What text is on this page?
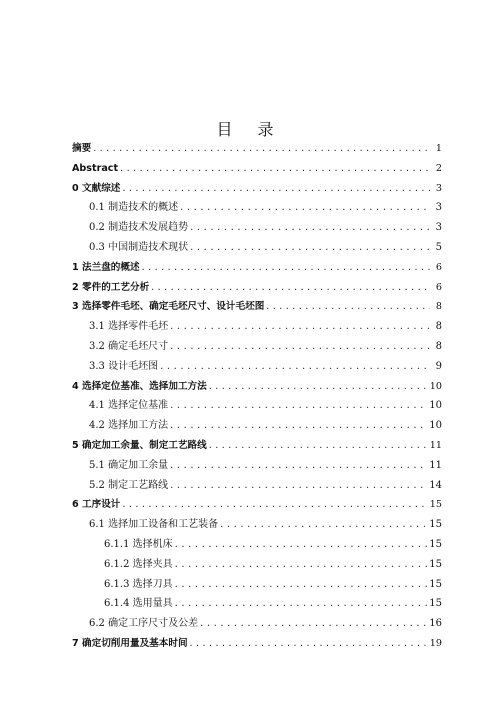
目 录
摘要 . . .	1
Abstract . . .	2
0 文献综述 . . .	3
0.1 制造技术的概述 . . .	3
0.2 制造技术发展趋势 . . .	3
0.3 中国制造技术现状 . . .	5
1 法兰盘的概述 . . .	6
2 零件的工艺分析 . . .	6
3 选择零件毛坯、确定毛坯尺寸、设计毛坯图 . . .	8
3.1 选择零件毛坯 . . .	8
3.2 确定毛坯尺寸 . . .	8
3.3 设计毛坯图 . . .	9
4 选择定位基准、选择加工方法 . . .	10
4.1 选择定位基准 . . .	10
4.2 选择加工方法 . . .	10
5 确定加工余量、制定工艺路线 . . .	11
5.1 确定加工余量 . . .	11
5.2 制定工艺路线 . . .	14
6 工序设计 . . .	15
6.1 选择加工设备和工艺装备 . . .	15
6.1.1 选择机床 . . .	15
6.1.2 选择夹具 . . .	15
6.1.3 选择刀具 . . .	15
6.1.4 选用量具 . . .	15
6.2 确定工序尺寸及公差 . . .	16
7 确定切削用量及基本时间 . . .	19
